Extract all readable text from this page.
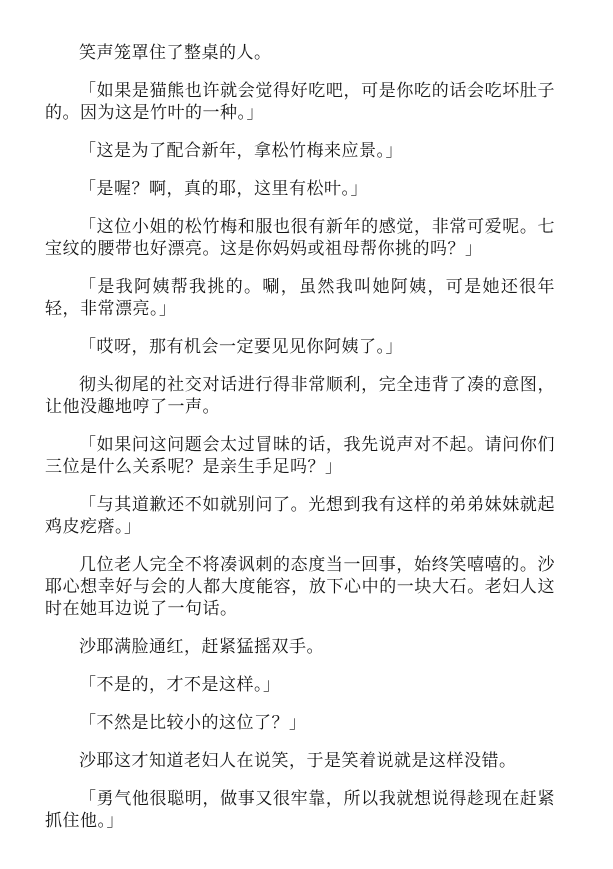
笑声笼罩住了整桌的人。

「如果是猫熊也许就会觉得好吃吧，可是你吃的话会吃坏肚子的。因为这是竹叶的一种。」

「这是为了配合新年，拿松竹梅来应景。」

「是喔？啊，真的耶，这里有松叶。」

「这位小姐的松竹梅和服也很有新年的感觉，非常可爱呢。七宝纹的腰带也好漂亮。这是你妈妈或祖母帮你挑的吗？」

「是我阿姨帮我挑的。唰，虽然我叫她阿姨，可是她还很年轻，非常漂亮。」

「哎呀，那有机会一定要见见你阿姨了。」

彻头彻尾的社交对话进行得非常顺利，完全违背了凑的意图，让他没趣地哼了一声。

「如果问这问题会太过冒昧的话，我先说声对不起。请问你们三位是什么关系呢？是亲生手足吗？」

「与其道歉还不如就别问了。光想到我有这样的弟弟妹妹就起鸡皮疙瘩。」

几位老人完全不将凑讽刺的态度当一回事，始终笑嘻嘻的。沙耶心想幸好与会的人都大度能容，放下心中的一块大石。老妇人这时在她耳边说了一句话。

沙耶满脸通红，赶紧猛摇双手。

「不是的，才不是这样。」

「不然是比较小的这位了？」

沙耶这才知道老妇人在说笑，于是笑着说就是这样没错。

「勇气他很聪明，做事又很牢靠，所以我就想说得趁现在赶紧抓住他。」
